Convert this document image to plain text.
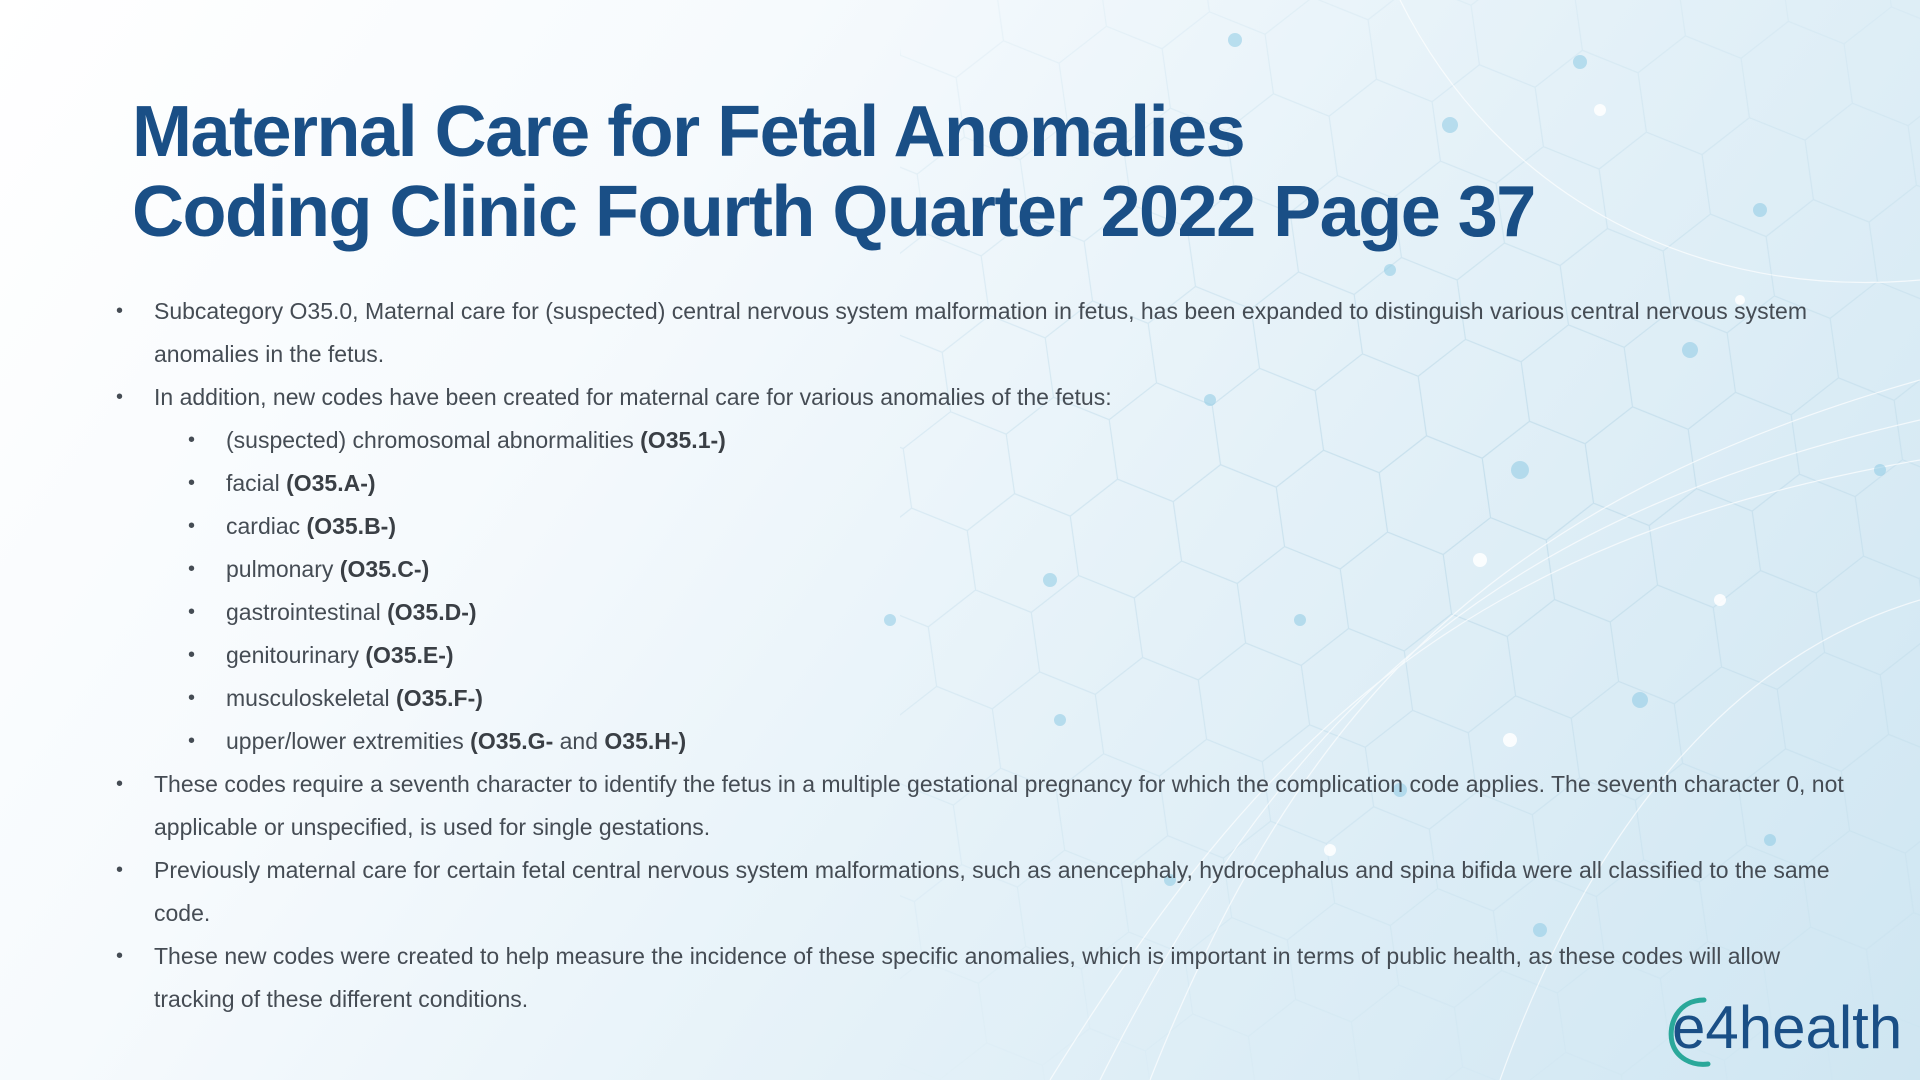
Maternal Care for Fetal Anomalies
Coding Clinic Fourth Quarter 2022 Page 37
• Subcategory O35.0, Maternal care for (suspected) central nervous system malformation in fetus, has been expanded to distinguish various central nervous system anomalies in the fetus.
• In addition, new codes have been created for maternal care for various anomalies of the fetus:
• (suspected) chromosomal abnormalities (O35.1-)
• facial (O35.A-)
• cardiac (O35.B-)
• pulmonary (O35.C-)
• gastrointestinal (O35.D-)
• genitourinary (O35.E-)
• musculoskeletal (O35.F-)
• upper/lower extremities (O35.G- and O35.H-)
• These codes require a seventh character to identify the fetus in a multiple gestational pregnancy for which the complication code applies. The seventh character 0, not applicable or unspecified, is used for single gestations.
• Previously maternal care for certain fetal central nervous system malformations, such as anencephaly, hydrocephalus and spina bifida were all classified to the same code.
• These new codes were created to help measure the incidence of these specific anomalies, which is important in terms of public health, as these codes will allow tracking of these different conditions.	e4health
